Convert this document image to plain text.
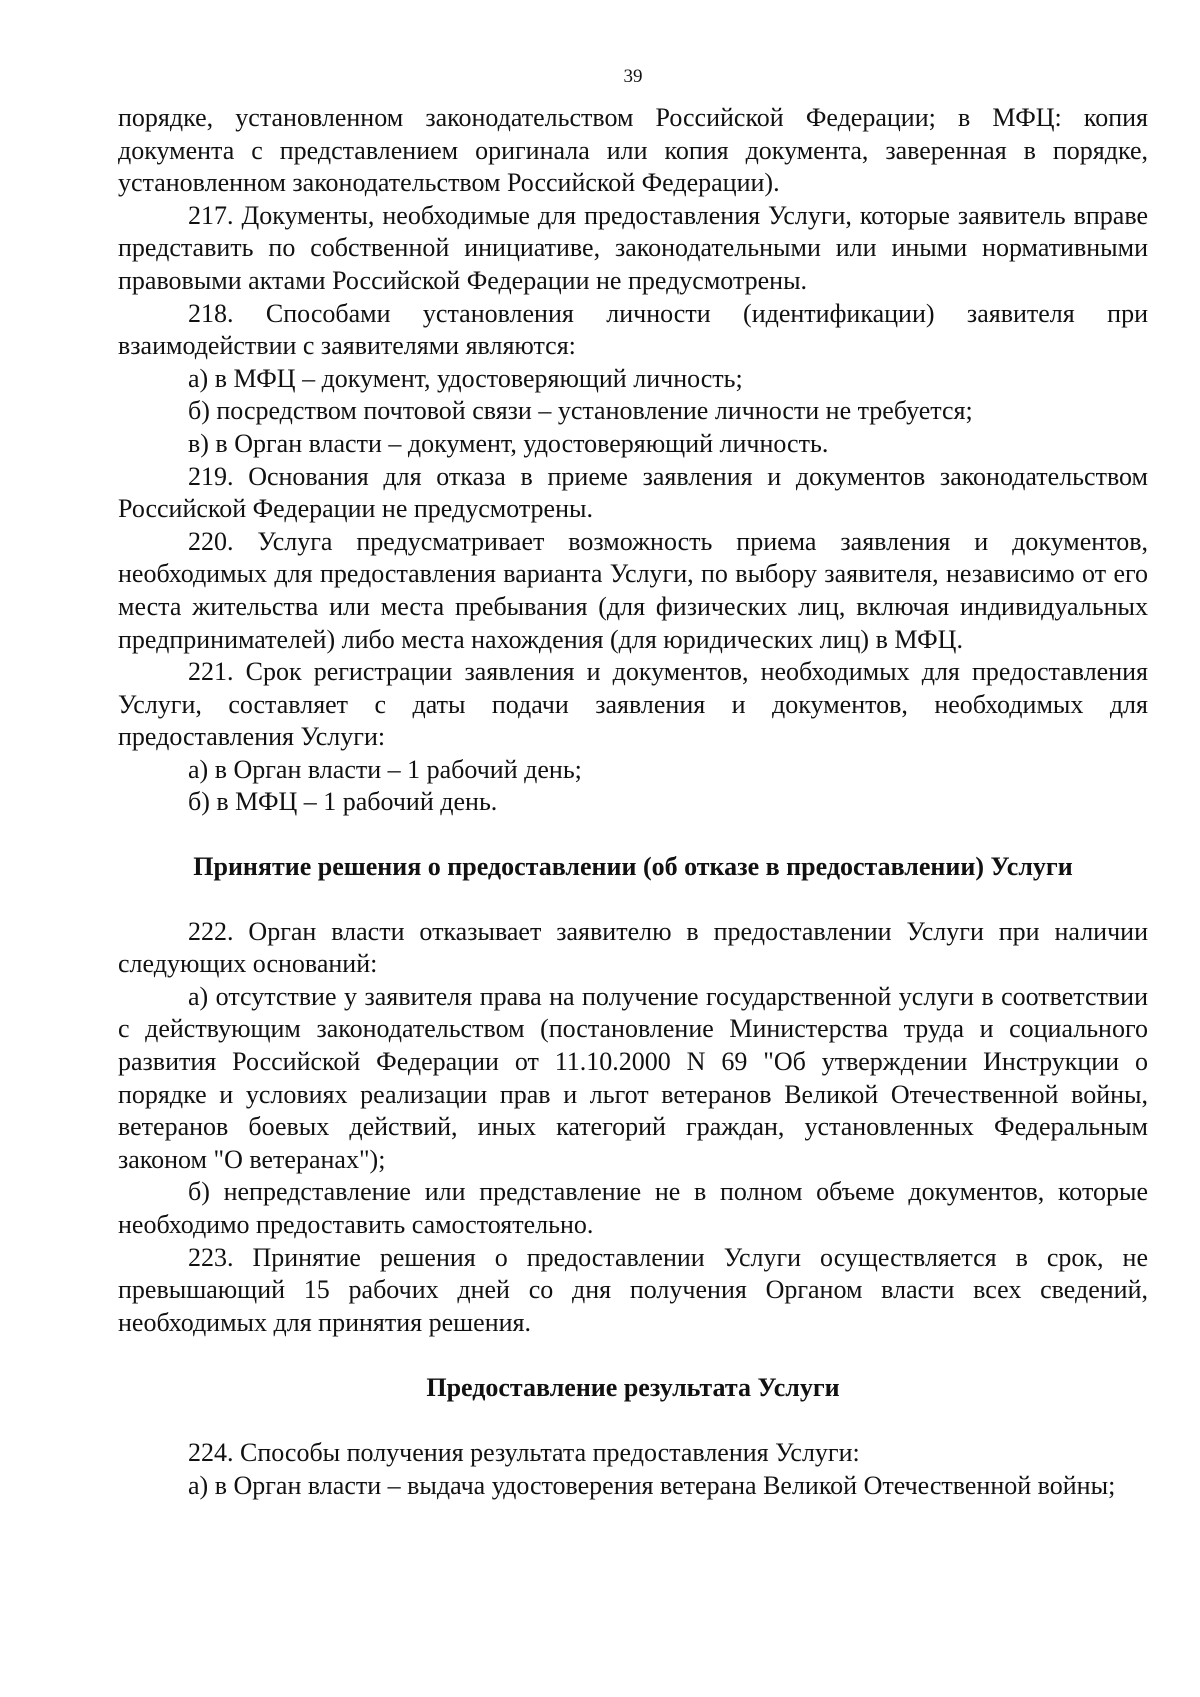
39

порядке, установленном законодательством Российской Федерации; в МФЦ: копия документа с представлением оригинала или копия документа, заверенная в порядке, установленном законодательством Российской Федерации).

217. Документы, необходимые для предоставления Услуги, которые заявитель вправе представить по собственной инициативе, законодательными или иными нормативными правовыми актами Российской Федерации не предусмотрены.

218. Способами установления личности (идентификации) заявителя при взаимодействии с заявителями являются:

а) в МФЦ – документ, удостоверяющий личность;

б) посредством почтовой связи – установление личности не требуется;

в) в Орган власти – документ, удостоверяющий личность.

219. Основания для отказа в приеме заявления и документов законодательством Российской Федерации не предусмотрены.

220. Услуга предусматривает возможность приема заявления и документов, необходимых для предоставления варианта Услуги, по выбору заявителя, независимо от его места жительства или места пребывания (для физических лиц, включая индивидуальных предпринимателей) либо места нахождения (для юридических лиц) в МФЦ.

221. Срок регистрации заявления и документов, необходимых для предоставления Услуги, составляет с даты подачи заявления и документов, необходимых для предоставления Услуги:

а) в Орган власти – 1 рабочий день;

б) в МФЦ – 1 рабочий день.

Принятие решения о предоставлении (об отказе в предоставлении) Услуги

222. Орган власти отказывает заявителю в предоставлении Услуги при наличии следующих оснований:

а) отсутствие у заявителя права на получение государственной услуги в соответствии с действующим законодательством (постановление Министерства труда и социального развития Российской Федерации от 11.10.2000 N 69 "Об утверждении Инструкции о порядке и условиях реализации прав и льгот ветеранов Великой Отечественной войны, ветеранов боевых действий, иных категорий граждан, установленных Федеральным законом "О ветеранах");

б) непредставление или представление не в полном объеме документов, которые необходимо предоставить самостоятельно.

223. Принятие решения о предоставлении Услуги осуществляется в срок, не превышающий 15 рабочих дней со дня получения Органом власти всех сведений, необходимых для принятия решения.

Предоставление результата Услуги

224. Способы получения результата предоставления Услуги:

а) в Орган власти – выдача удостоверения ветерана Великой Отечественной войны;
